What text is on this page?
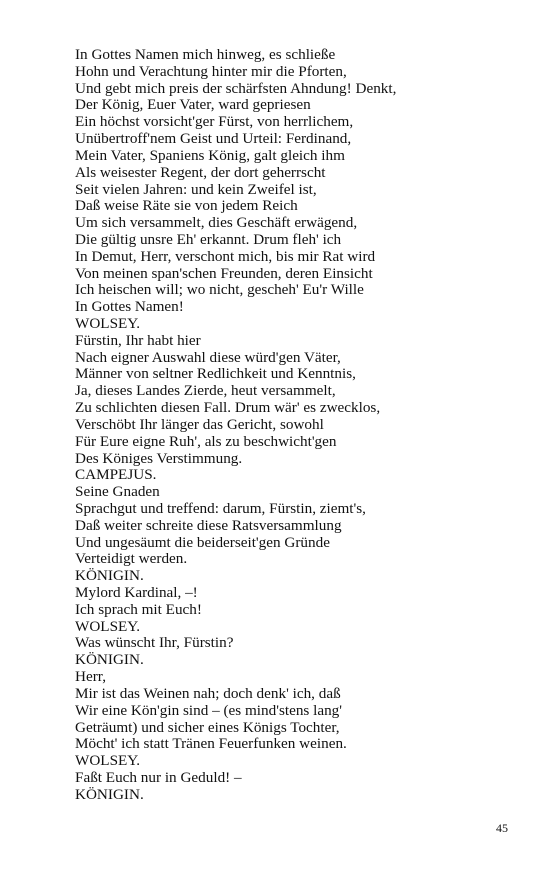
In Gottes Namen mich hinweg, es schließe
Hohn und Verachtung hinter mir die Pforten,
Und gebt mich preis der schärfsten Ahndung! Denkt,
Der König, Euer Vater, ward gepriesen
Ein höchst vorsicht'ger Fürst, von herrlichem,
Unübertroff'nem Geist und Urteil: Ferdinand,
Mein Vater, Spaniens König, galt gleich ihm
Als weisester Regent, der dort geherrscht
Seit vielen Jahren: und kein Zweifel ist,
Daß weise Räte sie von jedem Reich
Um sich versammelt, dies Geschäft erwägend,
Die gültig unsre Eh' erkannt. Drum fleh' ich
In Demut, Herr, verschont mich, bis mir Rat wird
Von meinen span'schen Freunden, deren Einsicht
Ich heischen will; wo nicht, gescheh' Eu'r Wille
In Gottes Namen!
WOLSEY.
Fürstin, Ihr habt hier
Nach eigner Auswahl diese würd'gen Väter,
Männer von seltner Redlichkeit und Kenntnis,
Ja, dieses Landes Zierde, heut versammelt,
Zu schlichten diesen Fall. Drum wär' es zwecklos,
Verschöbt Ihr länger das Gericht, sowohl
Für Eure eigne Ruh', als zu beschwicht'gen
Des Königes Verstimmung.
CAMPEJUS.
Seine Gnaden
Sprachgut und treffend: darum, Fürstin, ziemt's,
Daß weiter schreite diese Ratsversammlung
Und ungesäumt die beiderseit'gen Gründe
Verteidigt werden.
KÖNIGIN.
Mylord Kardinal, –!
Ich sprach mit Euch!
WOLSEY.
Was wünscht Ihr, Fürstin?
KÖNIGIN.
Herr,
Mir ist das Weinen nah; doch denk' ich, daß
Wir eine Kön'gin sind – (es mind'stens lang'
Geträumt) und sicher eines Königs Tochter,
Möcht' ich statt Tränen Feuerfunken weinen.
WOLSEY.
Faßt Euch nur in Geduld! –
KÖNIGIN.
45
